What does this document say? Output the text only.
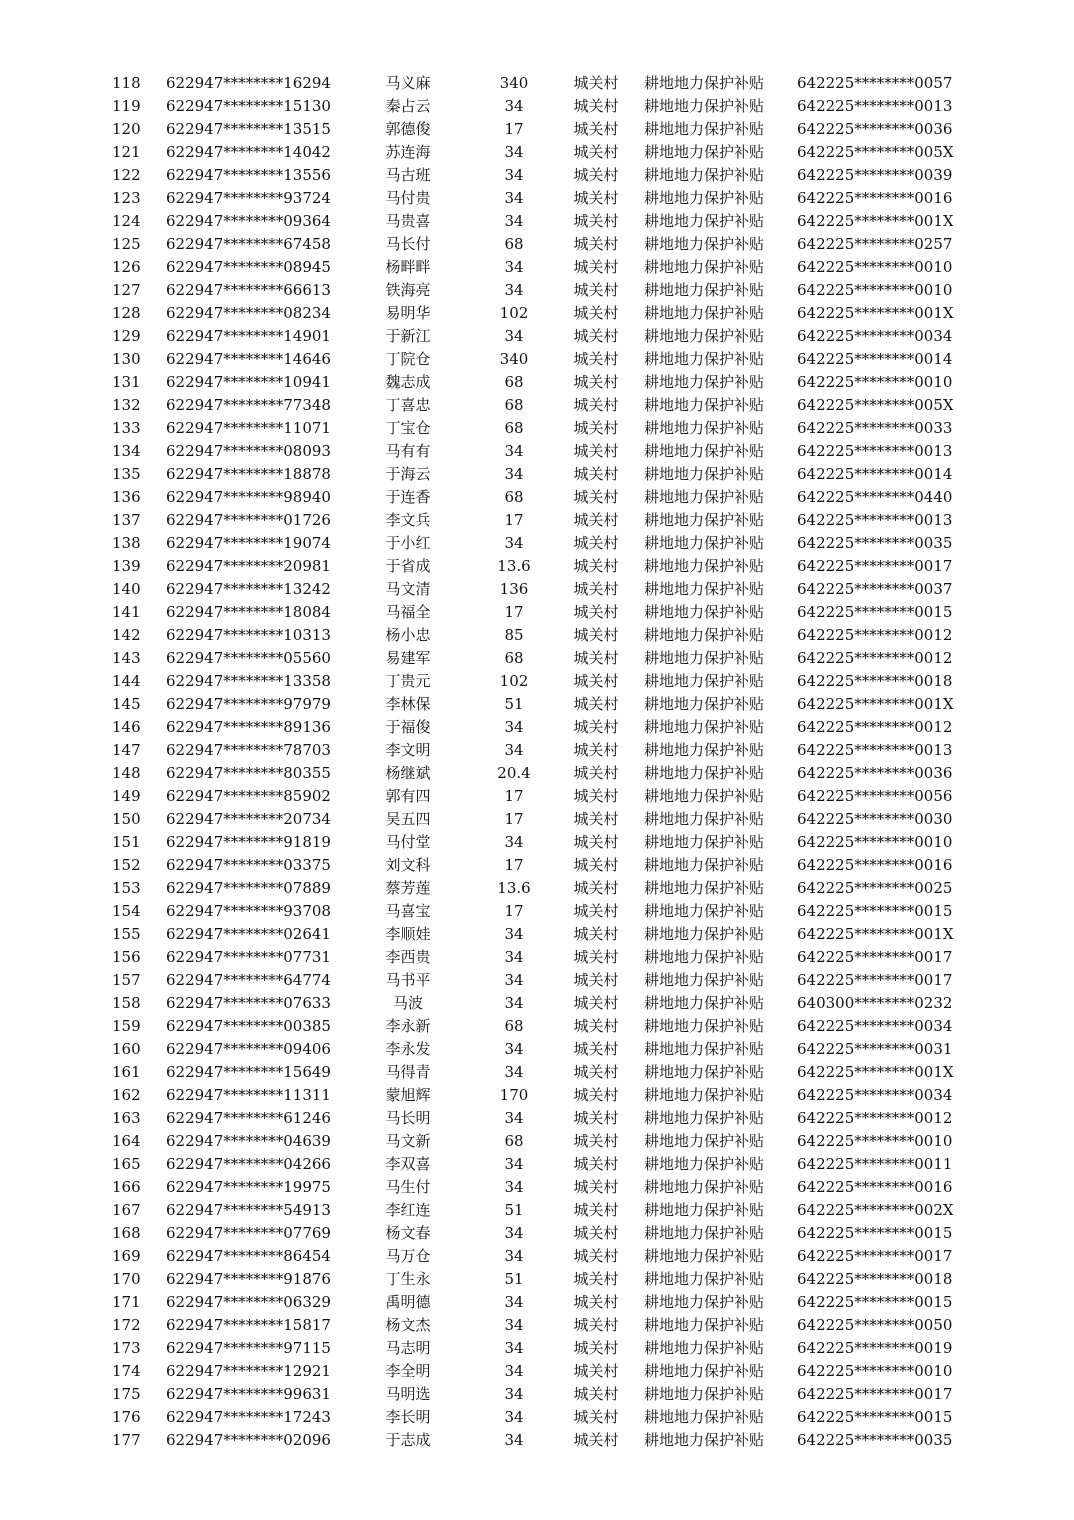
118 622947********16294	马义麻	340	城关村	耕地地力保护补贴	642225********0057
119 622947********15130	秦占云	34	城关村	耕地地力保护补贴	642225********0013
120 622947********13515	郭德俊	17	城关村	耕地地力保护补贴	642225********0036
121 622947********14042	苏连海	34	城关村	耕地地力保护补贴	642225********005X
122 622947********13556	马古班	34	城关村	耕地地力保护补贴	642225********0039
123 622947********93724	马付贵	34	城关村	耕地地力保护补贴	642225********0016
124 622947********09364	马贵喜	34	城关村	耕地地力保护补贴	642225********001X
125 622947********67458	马长付	68	城关村	耕地地力保护补贴	642225********0257
126 622947********08945	杨畔畔	34	城关村	耕地地力保护补贴	642225********0010
127 622947********66613	铁海亮	34	城关村	耕地地力保护补贴	642225********0010
128 622947********08234	易明华	102	城关村	耕地地力保护补贴	642225********001X
129 622947********14901	于新江	34	城关村	耕地地力保护补贴	642225********0034
130 622947********14646	丁院仓	340	城关村	耕地地力保护补贴	642225********0014
131 622947********10941	魏志成	68	城关村	耕地地力保护补贴	642225********0010
132 622947********77348	丁喜忠	68	城关村	耕地地力保护补贴	642225********005X
133 622947********11071	丁宝仓	68	城关村	耕地地力保护补贴	642225********0033
134 622947********08093	马有有	34	城关村	耕地地力保护补贴	642225********0013
135 622947********18878	于海云	34	城关村	耕地地力保护补贴	642225********0014
136 622947********98940	于连香	68	城关村	耕地地力保护补贴	642225********0440
137 622947********01726	李文兵	17	城关村	耕地地力保护补贴	642225********0013
138 622947********19074	于小红	34	城关村	耕地地力保护补贴	642225********0035
139 622947********20981	于省成	13.6	城关村	耕地地力保护补贴	642225********0017
140 622947********13242	马文清	136	城关村	耕地地力保护补贴	642225********0037
141 622947********18084	马福全	17	城关村	耕地地力保护补贴	642225********0015
142 622947********10313	杨小忠	85	城关村	耕地地力保护补贴	642225********0012
143 622947********05560	易建军	68	城关村	耕地地力保护补贴	642225********0012
144 622947********13358	丁贵元	102	城关村	耕地地力保护补贴	642225********0018
145 622947********97979	李林保	51	城关村	耕地地力保护补贴	642225********001X
146 622947********89136	于福俊	34	城关村	耕地地力保护补贴	642225********0012
147 622947********78703	李文明	34	城关村	耕地地力保护补贴	642225********0013
148 622947********80355	杨继斌	20.4	城关村	耕地地力保护补贴	642225********0036
149 622947********85902	郭有四	17	城关村	耕地地力保护补贴	642225********0056
150 622947********20734	吴五四	17	城关村	耕地地力保护补贴	642225********0030
151 622947********91819	马付堂	34	城关村	耕地地力保护补贴	642225********0010
152 622947********03375	刘文科	17	城关村	耕地地力保护补贴	642225********0016
153 622947********07889	蔡芳莲	13.6	城关村	耕地地力保护补贴	642225********0025
154 622947********93708	马喜宝	17	城关村	耕地地力保护补贴	642225********0015
155 622947********02641	李顺娃	34	城关村	耕地地力保护补贴	642225********001X
156 622947********07731	李西贵	34	城关村	耕地地力保护补贴	642225********0017
157 622947********64774	马书平	34	城关村	耕地地力保护补贴	642225********0017
158 622947********07633	马波	34	城关村	耕地地力保护补贴	640300********0232
159 622947********00385	李永新	68	城关村	耕地地力保护补贴	642225********0034
160 622947********09406	李永发	34	城关村	耕地地力保护补贴	642225********0031
161 622947********15649	马得青	34	城关村	耕地地力保护补贴	642225********001X
162 622947********11311	蒙旭辉	170	城关村	耕地地力保护补贴	642225********0034
163 622947********61246	马长明	34	城关村	耕地地力保护补贴	642225********0012
164 622947********04639	马文新	68	城关村	耕地地力保护补贴	642225********0010
165 622947********04266	李双喜	34	城关村	耕地地力保护补贴	642225********0011
166 622947********19975	马生付	34	城关村	耕地地力保护补贴	642225********0016
167 622947********54913	李红连	51	城关村	耕地地力保护补贴	642225********002X
168 622947********07769	杨文春	34	城关村	耕地地力保护补贴	642225********0015
169 622947********86454	马万仓	34	城关村	耕地地力保护补贴	642225********0017
170 622947********91876	丁生永	51	城关村	耕地地力保护补贴	642225********0018
171 622947********06329	禹明德	34	城关村	耕地地力保护补贴	642225********0015
172 622947********15817	杨文杰	34	城关村	耕地地力保护补贴	642225********0050
173 622947********97115	马志明	34	城关村	耕地地力保护补贴	642225********0019
174 622947********12921	李全明	34	城关村	耕地地力保护补贴	642225********0010
175 622947********99631	马明选	34	城关村	耕地地力保护补贴	642225********0017
176 622947********17243	李长明	34	城关村	耕地地力保护补贴	642225********0015
177 622947********02096	于志成	34	城关村	耕地地力保护补贴	642225********0035
